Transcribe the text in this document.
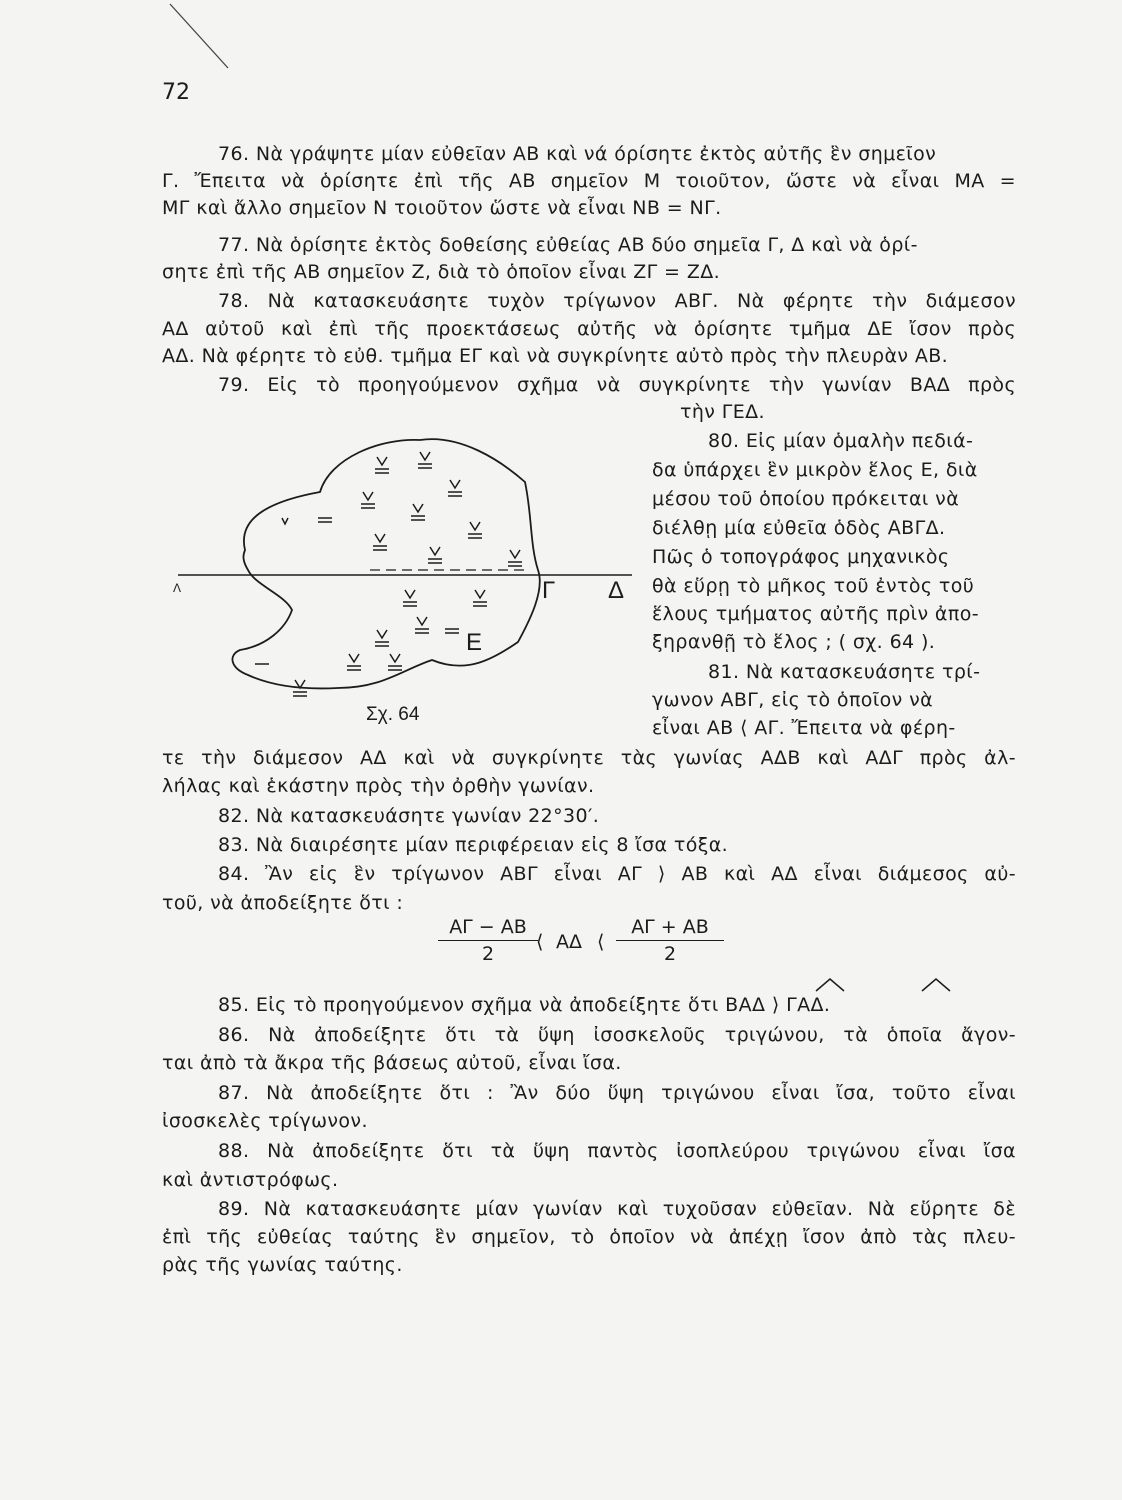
72
76. Νὰ γράψητε μίαν εὐθεῖαν ΑΒ καὶ νά όρίσητε ἐκτὸς αὐτῆς ἓν σημεῖον
Γ. Ἔπειτα νὰ ὁρίσητε ἐπὶ τῆς ΑΒ σημεῖον Μ τοιοῦτον, ὥστε νὰ εἶναι ΜΑ =
ΜΓ καὶ ἄλλο σημεῖον Ν τοιοῦτον ὥστε νὰ εἶναι ΝΒ = ΝΓ.
77. Νὰ ὁρίσητε ἐκτὸς δοθείσης εὐθείας ΑΒ δύο σημεῖα Γ, Δ καὶ νὰ ὁρί-
σητε ἐπὶ τῆς ΑΒ σημεῖον Ζ, διὰ τὸ ὁποῖον εἶναι ΖΓ = ΖΔ.
78. Νὰ κατασκευάσητε τυχὸν τρίγωνον ΑΒΓ. Νὰ φέρητε τὴν διάμεσον
ΑΔ αὐτοῦ καὶ ἐπὶ τῆς προεκτάσεως αὐτῆς νὰ ὁρίσητε τμῆμα ΔΕ ἴσον πρὸς
ΑΔ. Νὰ φέρητε τὸ εὐθ. τμῆμα ΕΓ καὶ νὰ συγκρίνητε αὐτὸ πρὸς τὴν πλευρὰν ΑΒ.
79. Εἰς τὸ προηγούμενον σχῆμα νὰ συγκρίνητε τὴν γωνίαν ΒΑΔ πρὸς
τὴν ΓΕΔ.
80. Εἰς μίαν ὁμαλὴν πεδιά-
δα ὑπάρχει ἓν μικρὸν ἕλος Ε, διὰ
μέσου τοῦ ὁποίου πρόκειται νὰ
διέλθῃ μία εὐθεῖα ὁδὸς ΑΒΓΔ.
Πῶς ὁ τοπογράφος μηχανικὸς
θὰ εὕρῃ τὸ μῆκος τοῦ ἐντὸς τοῦ
ἕλους τμήματος αὐτῆς πρὶν ἀπο-
ξηρανθῇ τὸ ἕλος ; ( σχ. 64 ).
81. Νὰ κατασκευάσητε τρί-
γωνον ΑΒΓ, εἰς τὸ ὁποῖον νὰ
εἶναι ΑΒ ⟨ ΑΓ. Ἔπειτα νὰ φέρη-
Γ Δ
Ε
Λ
Σχ. 64
τε τὴν διάμεσον ΑΔ καὶ νὰ συγκρίνητε τὰς γωνίας ΑΔΒ καὶ ΑΔΓ πρὸς ἀλ-
λήλας καὶ ἑκάστην πρὸς τὴν ὀρθὴν γωνίαν.
82. Νὰ κατασκευάσητε γωνίαν 22°30′.
83. Νὰ διαιρέσητε μίαν περιφέρειαν εἰς 8 ἴσα τόξα.
84. Ἂν εἰς ἓν τρίγωνον ΑΒΓ εἶναι ΑΓ ⟩ ΑΒ καὶ ΑΔ εἶναι διάμεσος αὐ-
τοῦ, νὰ ἀποδείξητε ὅτι :
$\frac{A\Gamma - AB}{2}$
⟨ ΑΔ ⟨ $\frac{A\Gamma + AB}{2}$
85. Εἰς τὸ προηγούμενον σχῆμα νὰ ἀποδείξητε ὅτι ΒΑΔ ⟩ ΓΑΔ.
86. Νὰ ἀποδείξητε ὅτι τὰ ὕψη ἰσοσκελοῦς τριγώνου, τὰ ὁποῖα ἄγον-
ται ἀπὸ τὰ ἄκρα τῆς βάσεως αὐτοῦ, εἶναι ἴσα.
87. Νὰ ἀποδείξητε ὅτι : Ἂν δύο ὕψη τριγώνου εἶναι ἴσα, τοῦτο εἶναι
ἰσοσκελὲς τρίγωνον.
88. Νὰ ἀποδείξητε ὅτι τὰ ὕψη παντὸς ἰσοπλεύρου τριγώνου εἶναι ἴσα
καὶ ἀντιστρόφως.
89. Νὰ κατασκευάσητε μίαν γωνίαν καὶ τυχοῦσαν εὐθεῖαν. Νὰ εὕρητε δὲ
ἐπὶ τῆς εὐθείας ταύτης ἓν σημεῖον, τὸ ὁποῖον νὰ ἀπέχῃ ἴσον ἀπὸ τὰς πλευ-
ρὰς τῆς γωνίας ταύτης.
